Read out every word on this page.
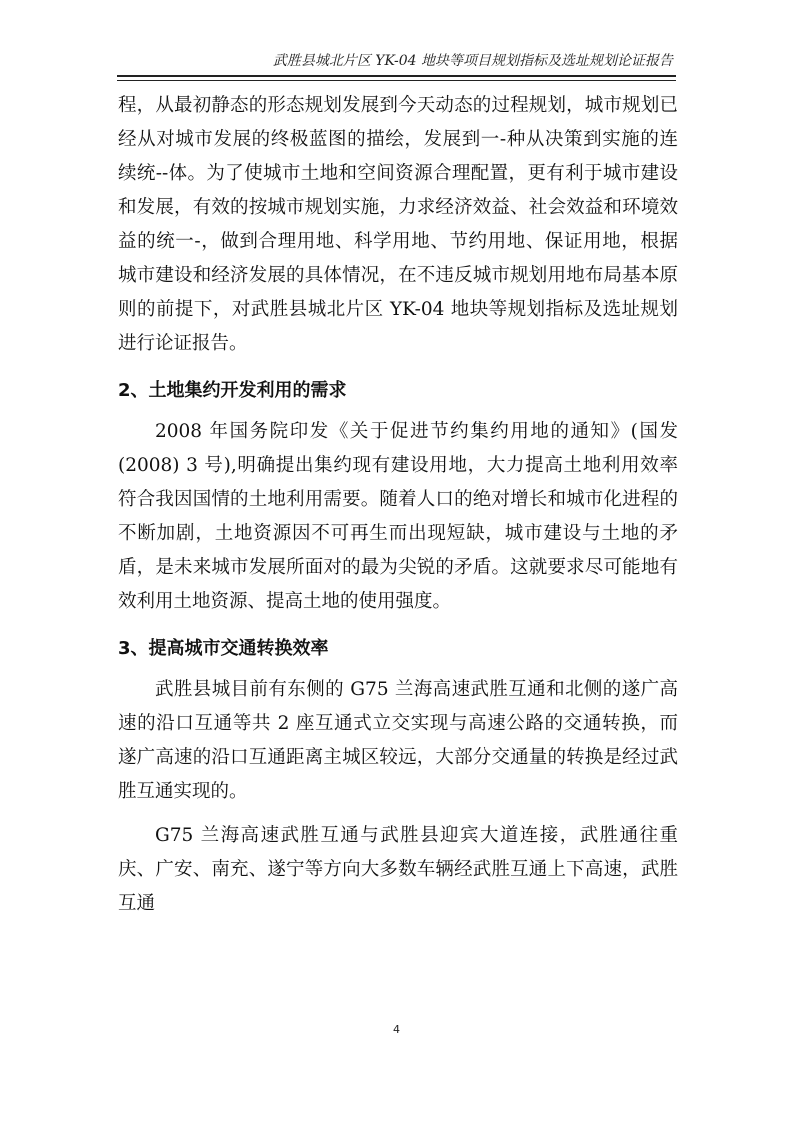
武胜县城北片区 YK-04 地块等项目规划指标及选址规划论证报告

程，从最初静态的形态规划发展到今天动态的过程规划，城市规划已经从对城市发展的终极蓝图的描绘，发展到一-种从决策到实施的连续统--体。为了使城市土地和空间资源合理配置，更有利于城市建设和发展，有效的按城市规划实施，力求经济效益、社会效益和环境效益的统一-，做到合理用地、科学用地、节约用地、保证用地，根据城市建设和经济发展的具体情况，在不违反城市规划用地布局基本原则的前提下，对武胜县城北片区 YK-04 地块等规划指标及选址规划进行论证报告。

2、土地集约开发利用的需求

2008 年国务院印发《关于促进节约集约用地的通知》(国发(2008) 3 号),明确提出集约现有建设用地，大力提高土地利用效率符合我因国情的土地利用需要。随着人口的绝对增长和城市化进程的不断加剧，土地资源因不可再生而出现短缺，城市建设与土地的矛盾，是未来城市发展所面对的最为尖锐的矛盾。这就要求尽可能地有效利用土地资源、提高土地的使用强度。

3、提高城市交通转换效率

武胜县城目前有东侧的 G75 兰海高速武胜互通和北侧的遂广高速的沿口互通等共 2 座互通式立交实现与高速公路的交通转换，而遂广高速的沿口互通距离主城区较远，大部分交通量的转换是经过武胜互通实现的。

G75 兰海高速武胜互通与武胜县迎宾大道连接，武胜通往重庆、广安、南充、遂宁等方向大多数车辆经武胜互通上下高速，武胜互通

4
